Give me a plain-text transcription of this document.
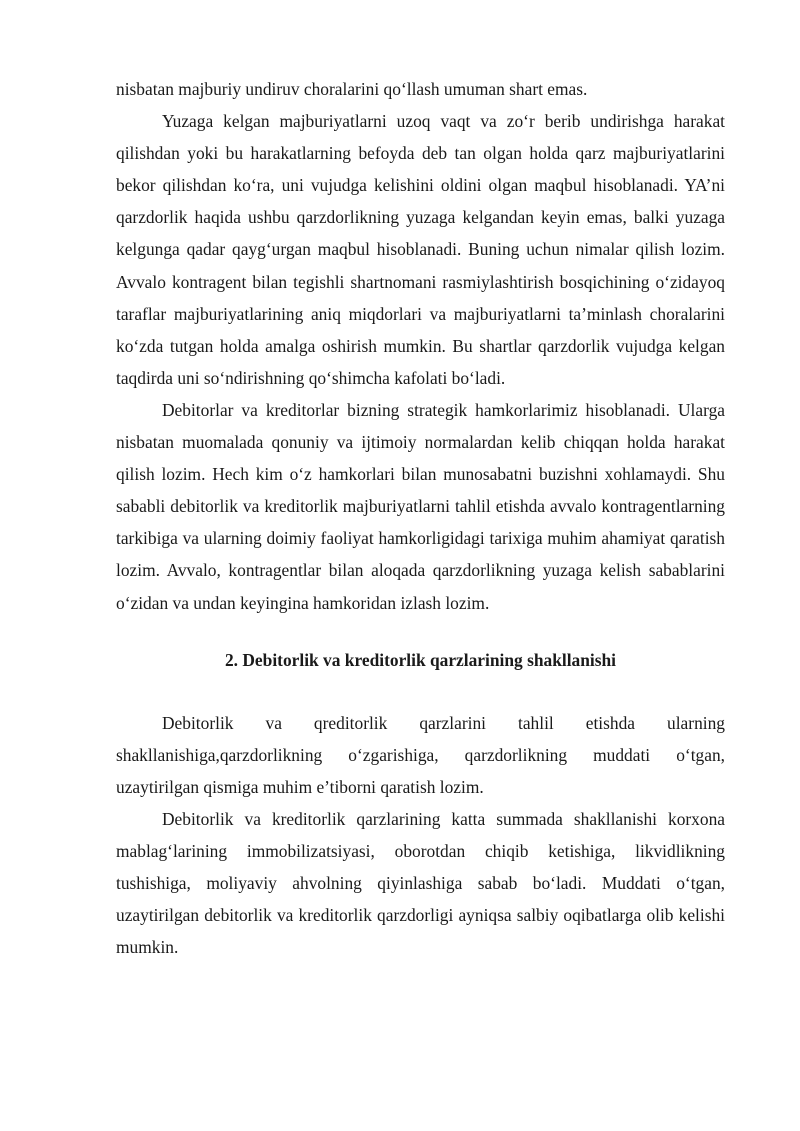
nisbatan majburiy undiruv choralarini qo‘llash umuman shart emas.

Yuzaga kelgan majburiyatlarni uzoq vaqt va zo‘r berib undirishga harakat qilishdan yoki bu harakatlarning befoyda deb tan olgan holda qarz majburiyatlarini bekor qilishdan ko‘ra, uni vujudga kelishini oldini olgan maqbul hisoblanadi. YA’ni qarzdorlik haqida ushbu qarzdorlikning yuzaga kelgandan keyin emas, balki yuzaga kelgunga qadar qayg‘urgan maqbul hisoblanadi. Buning uchun nimalar qilish lozim. Avvalo kontragent bilan tegishli shartnomani rasmiylashtirish bosqichining o‘zidayoq taraflar majburiyatlarining aniq miqdorlari va majburiyatlarni ta’minlash choralarini ko‘zda tutgan holda amalga oshirish mumkin. Bu shartlar qarzdorlik vujudga kelgan taqdirda uni so‘ndirishning qo‘shimcha kafolati bo‘ladi.

Debitorlar va kreditorlar bizning strategik hamkorlarimiz hisoblanadi. Ularga nisbatan muomalada qonuniy va ijtimoiy normalardan kelib chiqqan holda harakat qilish lozim. Hech kim o‘z hamkorlari bilan munosabatni buzishni xohlamaydi. Shu sababli debitorlik va kreditorlik majburiyatlarni tahlil etishda avvalo kontragentlarning tarkibiga va ularning doimiy faoliyat hamkorligidagi tarixiga muhim ahamiyat qaratish lozim. Avvalo, kontragentlar bilan aloqada qarzdorlikning yuzaga kelish sabablarini o‘zidan va undan keyingina hamkoridan izlash lozim.

2. Debitorlik va kreditorlik qarzlarining shakllanishi

Debitorlik va qreditorlik qarzlarini tahlil etishda ularning shakllanishiga,qarzdorlikning o‘zgarishiga, qarzdorlikning muddati o‘tgan, uzaytirilgan qismiga muhim e’tiborni qaratish lozim.

Debitorlik va kreditorlik qarzlarining katta summada shakllanishi korxona mablag‘larining immobilizatsiyasi, oborotdan chiqib ketishiga, likvidlikning tushishiga, moliyaviy ahvolning qiyinlashiga sabab bo‘ladi. Muddati o‘tgan, uzaytirilgan debitorlik va kreditorlik qarzdorligi ayniqsa salbiy oqibatlarga olib kelishi mumkin.
